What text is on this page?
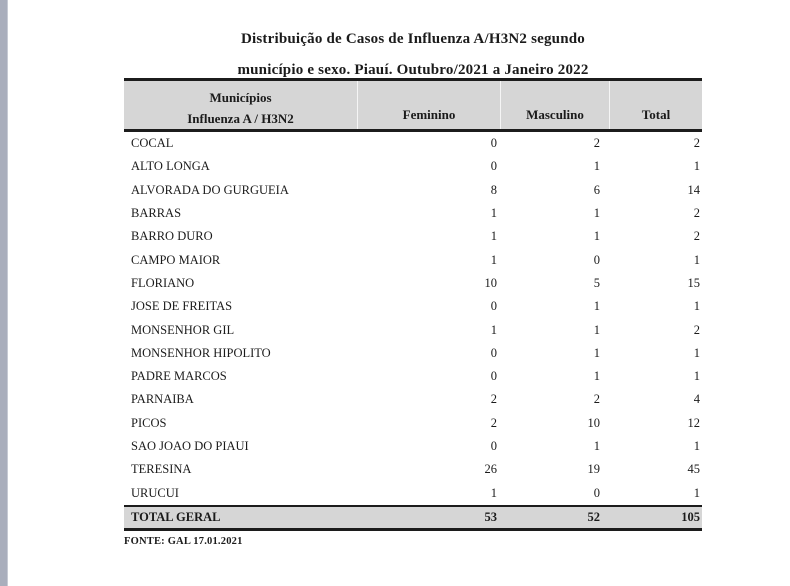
Distribuição de Casos de Influenza A/H3N2 segundo
município e sexo. Piauí. Outubro/2021 a Janeiro 2022
Municípios
Influenza A / H3N2	Feminino	Masculino	Total
COCAL	0	2	2
ALTO LONGA	0	1	1
ALVORADA DO GURGUEIA	8	6	14
BARRAS	1	1	2
BARRO DURO	1	1	2
CAMPO MAIOR	1	0	1
FLORIANO	10	5	15
JOSE DE FREITAS	0	1	1
MONSENHOR GIL	1	1	2
MONSENHOR HIPOLITO	0	1	1
PADRE MARCOS	0	1	1
PARNAIBA	2	2	4
PICOS	2	10	12
SAO JOAO DO PIAUI	0	1	1
TERESINA	26	19	45
URUCUI	1	0	1
TOTAL GERAL	53	52	105
FONTE: GAL 17.01.2021
